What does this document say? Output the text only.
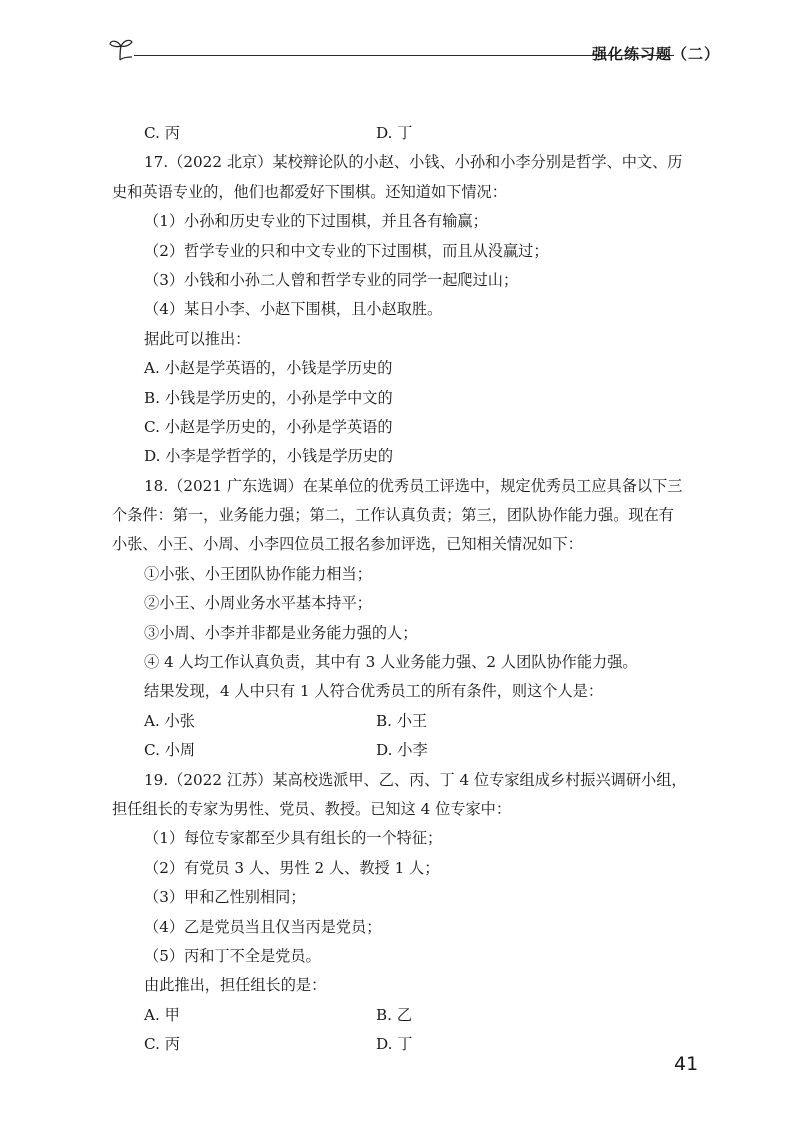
强化练习题（二）
C. 丙	D. 丁
17.（2022 北京）某校辩论队的小赵、小钱、小孙和小李分别是哲学、中文、历
史和英语专业的，他们也都爱好下围棋。还知道如下情况：
（1）小孙和历史专业的下过围棋，并且各有输赢；
（2）哲学专业的只和中文专业的下过围棋，而且从没赢过；
（3）小钱和小孙二人曾和哲学专业的同学一起爬过山；
（4）某日小李、小赵下围棋，且小赵取胜。
据此可以推出：
A. 小赵是学英语的，小钱是学历史的
B. 小钱是学历史的，小孙是学中文的
C. 小赵是学历史的，小孙是学英语的
D. 小李是学哲学的，小钱是学历史的
18.（2021 广东选调）在某单位的优秀员工评选中，规定优秀员工应具备以下三
个条件：第一，业务能力强；第二，工作认真负责；第三，团队协作能力强。现在有
小张、小王、小周、小李四位员工报名参加评选，已知相关情况如下：
①小张、小王团队协作能力相当；
②小王、小周业务水平基本持平；
③小周、小李并非都是业务能力强的人；
④ 4 人均工作认真负责，其中有 3 人业务能力强、2 人团队协作能力强。
结果发现，4 人中只有 1 人符合优秀员工的所有条件，则这个人是：
A. 小张	B. 小王
C. 小周	D. 小李
19.（2022 江苏）某高校选派甲、乙、丙、丁 4 位专家组成乡村振兴调研小组，
担任组长的专家为男性、党员、教授。已知这 4 位专家中：
（1）每位专家都至少具有组长的一个特征；
（2）有党员 3 人、男性 2 人、教授 1 人；
（3）甲和乙性别相同；
（4）乙是党员当且仅当丙是党员；
（5）丙和丁不全是党员。
由此推出，担任组长的是：
A. 甲	B. 乙
C. 丙	D. 丁
41
